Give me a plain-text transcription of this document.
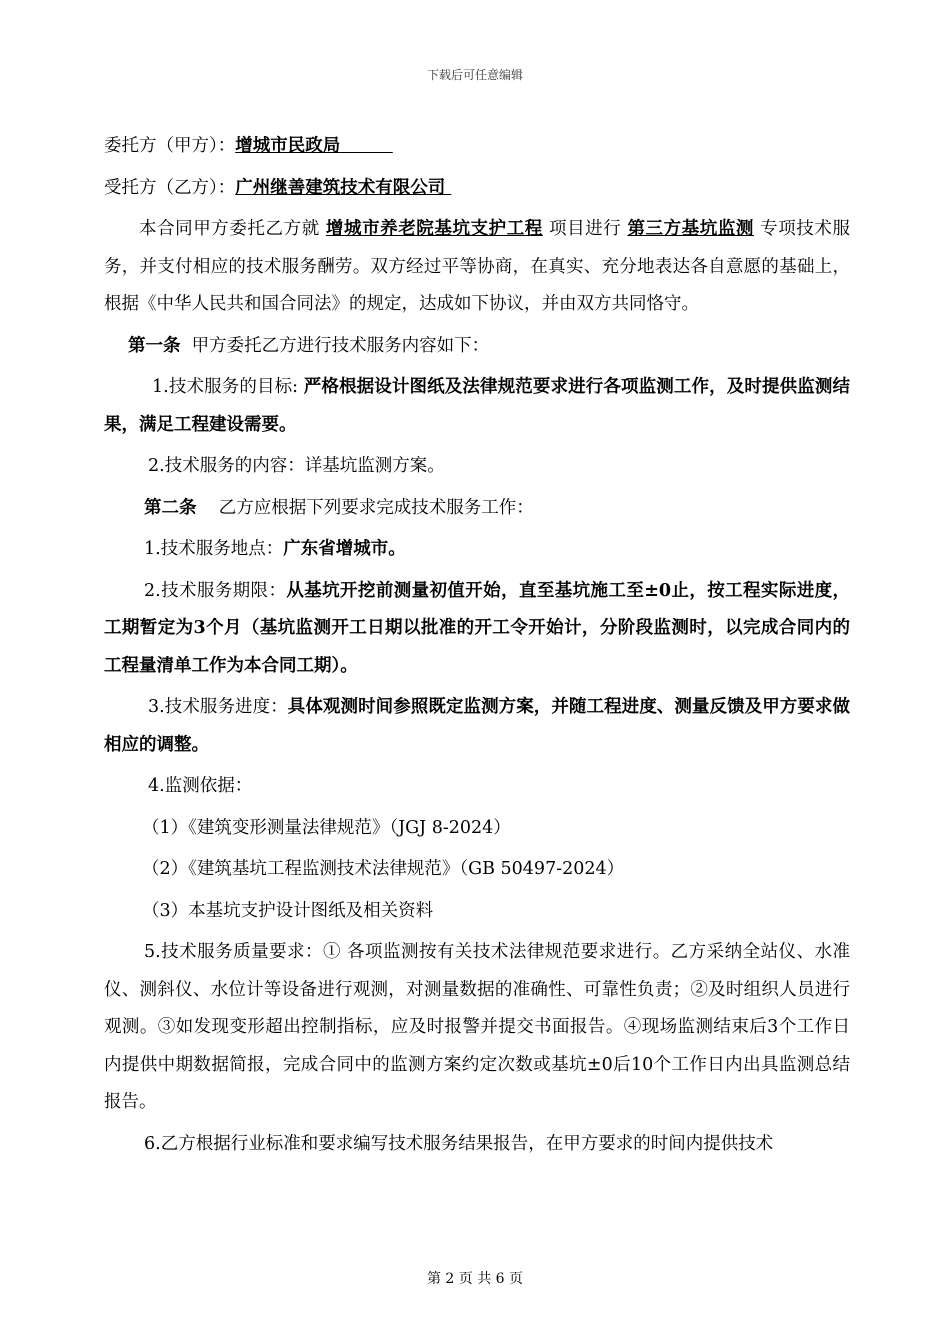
下载后可任意编辑

委托方（甲方）：增城市民政局　　　

受托方（乙方）：广州继善建筑技术有限公司

本合同甲方委托乙方就 增城市养老院基坑支护工程 项目进行 第三方基坑监测 专项技术服务，并支付相应的技术服务酬劳。双方经过平等协商，在真实、充分地表达各自意愿的基础上，根据《中华人民共和国合同法》的规定，达成如下协议，并由双方共同恪守。

第一条 甲方委托乙方进行技术服务内容如下：

1.技术服务的目标: 严格根据设计图纸及法律规范要求进行各项监测工作，及时提供监测结果，满足工程建设需要。

2.技术服务的内容：详基坑监测方案。

第二条 乙方应根据下列要求完成技术服务工作：

1.技术服务地点：广东省增城市。

2.技术服务期限：从基坑开挖前测量初值开始，直至基坑施工至±0止，按工程实际进度，工期暂定为3个月（基坑监测开工日期以批准的开工令开始计，分阶段监测时，以完成合同内的工程量清单工作为本合同工期）。

3.技术服务进度：具体观测时间参照既定监测方案，并随工程进度、测量反馈及甲方要求做相应的调整。

4.监测依据：

（1）《建筑变形测量法律规范》（JGJ 8-2024）

（2）《建筑基坑工程监测技术法律规范》（GB 50497-2024）

（3）本基坑支护设计图纸及相关资料

5.技术服务质量要求：① 各项监测按有关技术法律规范要求进行。乙方采纳全站仪、水准仪、测斜仪、水位计等设备进行观测，对测量数据的准确性、可靠性负责；②及时组织人员进行观测。③如发现变形超出控制指标，应及时报警并提交书面报告。④现场监测结束后3个工作日内提供中期数据简报，完成合同中的监测方案约定次数或基坑±0后10个工作日内出具监测总结报告。

6.乙方根据行业标准和要求编写技术服务结果报告，在甲方要求的时间内提供技术

第 2 页 共 6 页
